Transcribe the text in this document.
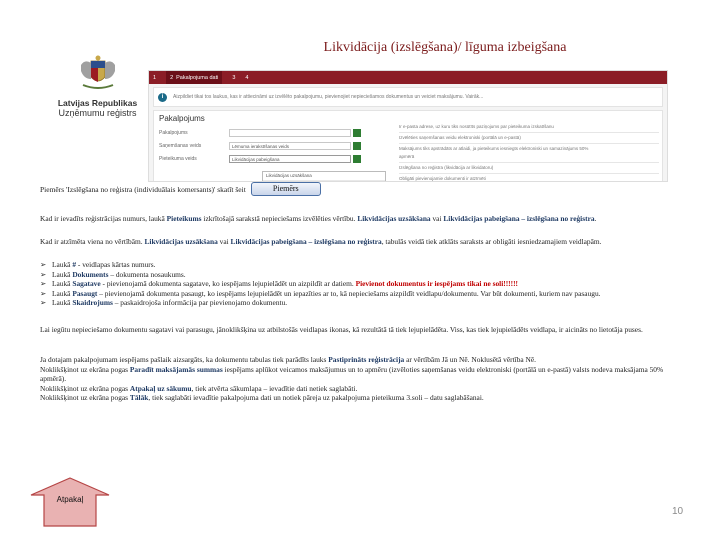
Likvidācija (izslēgšana)/ līguma izbeigšana
Latvijas Republikas
Uzņēmumu reģistrs
1	2 Pakalpojuma dati	3 4
i	Aizpildiet tikai tos laukus, kas ir attiecināmi uz izvēlēto pakalpojumu, pievienojiet nepieciešamos dokumentus un veiciet maksājumu. Vairāk...
Pakalpojums
Pakalpojums
Saņemšanas veids	Lēmuma ierakstīšanas veids
Pieteikuma veids	Likvidācijas pabeigšana
Ir e-pasta adrese, uz kuru tiks nosūtīts paziņojums par pieteikuma izskatīšanu
Izvēlēties saņemšanas veidu elektroniski (portālā un e-pastā)
Maksājums tiks apstrādāts ar atlaidi, ja pieteikums iesniegts elektroniski un samazinājums 50%
apmērā
Izslēgšana no reģistra (likvidācija ar likvidatoru)
Obligāti pievienojamie dokumenti ir atzīmēti
Likvidācijas uzsākšana
Piemērs 'Izslēgšana no reģistra (individuālais komersants)' skatīt šeit	Piemērs
Kad ir ievadīts reģistrācijas numurs, laukā Pieteikums izkrītošajā sarakstā nepieciešams izvēlēties vērtību. Likvidācijas uzsākšana vai Likvidācijas pabeigšana – izslēgšana no reģistra.
Kad ir atzīmēta viena no vērtībām. Likvidācijas uzsākšana vai Likvidācijas pabeigšana – izslēgšana no reģistra, tabulās veidā tiek atklāts saraksts ar obligāti iesniedzamajiem veidlapām.
➢ Laukā # - veidlapas kārtas numurs.
➢ Laukā Dokuments – dokumenta nosaukums.
➢ Laukā Sagatave - pievienojamā dokumenta sagatave, ko iespējams lejupielādēt un aizpildīt ar datiem. Pievienot dokumentus ir iespējams tikai ne soli!!!!!!
➢ Laukā Pasaugt – pievienojamā dokumenta pasaugt, ko iespējams lejupielādēt un iepazīties ar to, kā nepieciešams aizpildīt veidlapu/dokumentu. Var būt dokumenti, kuriem nav pasaugu.
➢ Laukā Skaidrojums – paskaidrojoša informācija par pievienojamo dokumentu.
Lai iegūtu nepieciešamo dokumentu sagatavi vai parasugu, jānoklikšķina uz atbilstošās veidlapas ikonas, kā rezultātā tā tiek lejupielādēta. Viss, kas tiek lejupielādēts veidlapa, ir aicināts no lietotāja puses.
Ja dotajam pakalpojumam iespējams pašlaik aizsargāts, ka dokumentu tabulas tiek parādīts lauks Pastiprināts reģistrācija ar vērtībām Jā un Nē. Noklusētā vērtība Nē.
Noklikšķinot uz ekrāna pogas Paradīt maksājamās summas iespējams aplūkot veicamos maksājumus un to apmēru (izvēloties saņemšanas veidu elektroniski (portālā un e-pastā) valsts nodeva maksājama 50% apmērā).
Noklikšķinot uz ekrāna pogas Atpakaļ uz sākumu, tiek atvērta sākumlapa – ievadītie dati netiek saglabāti.
Noklikšķinot uz ekrāna pogas Tālāk, tiek saglabāti ievadītie pakalpojuma dati un notiek pāreja uz pakalpojuma pieteikuma 3.soli – datu saglabāšanai.
Atpakaļ
10
